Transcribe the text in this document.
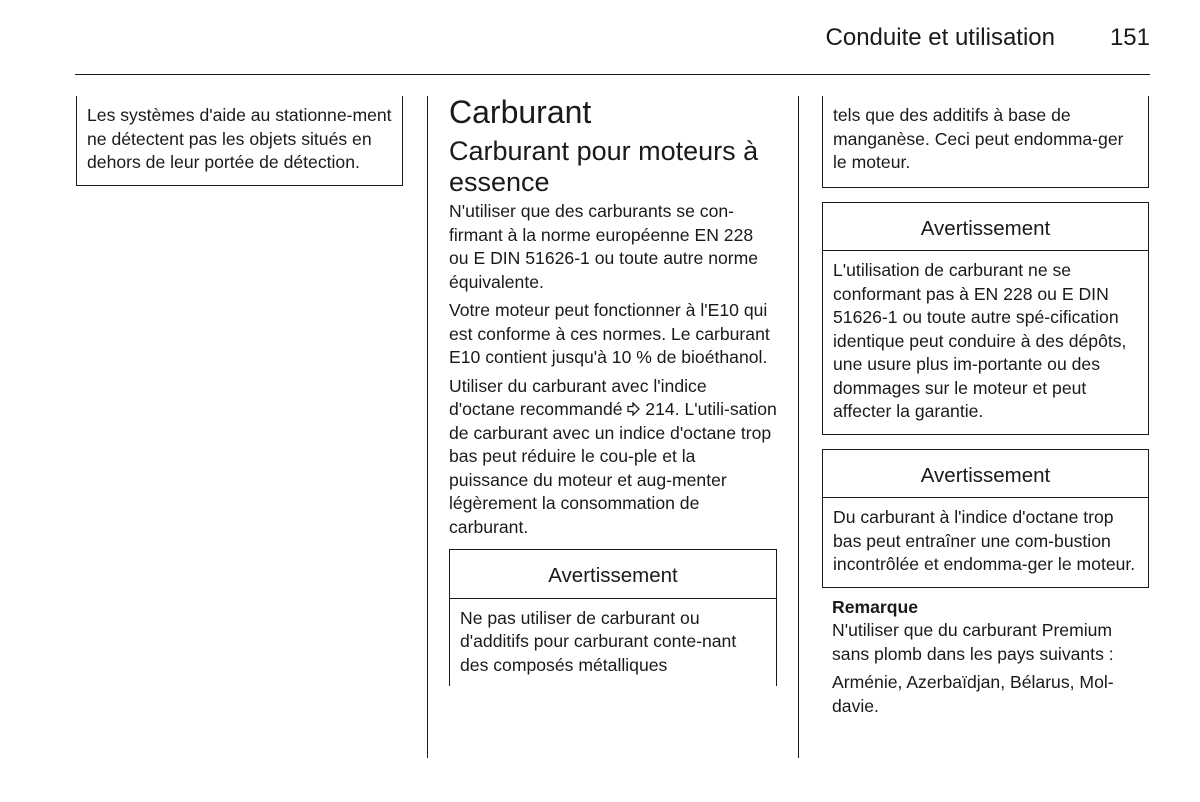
Conduite et utilisation	151
Les systèmes d'aide au stationne-ment ne détectent pas les objets situés en dehors de leur portée de détection.
Carburant
Carburant pour moteurs à essence

N'utiliser que des carburants se con-firmant à la norme européenne EN 228 ou E DIN 51626-1 ou toute autre norme équivalente.

Votre moteur peut fonctionner à l'E10 qui est conforme à ces normes. Le carburant E10 contient jusqu'à 10 % de bioéthanol.

Utiliser du carburant avec l'indice d'octane recommandé  214. L'utili-sation de carburant avec un indice d'octane trop bas peut réduire le cou-ple et la puissance du moteur et aug-menter légèrement la consommation de carburant.

Avertissement
Ne pas utiliser de carburant ou d'additifs pour carburant conte-nant des composés métalliques
tels que des additifs à base de manganèse. Ceci peut endomma-ger le moteur.
Avertissement
L'utilisation de carburant ne se conformant pas à EN 228 ou E DIN 51626-1 ou toute autre spé-cification identique peut conduire à des dépôts, une usure plus im-portante ou des dommages sur le moteur et peut affecter la garantie.
Avertissement
Du carburant à l'indice d'octane trop bas peut entraîner une com-bustion incontrôlée et endomma-ger le moteur.
Remarque

N'utiliser que du carburant Premium sans plomb dans les pays suivants :

Arménie, Azerbaïdjan, Bélarus, Mol-davie.
